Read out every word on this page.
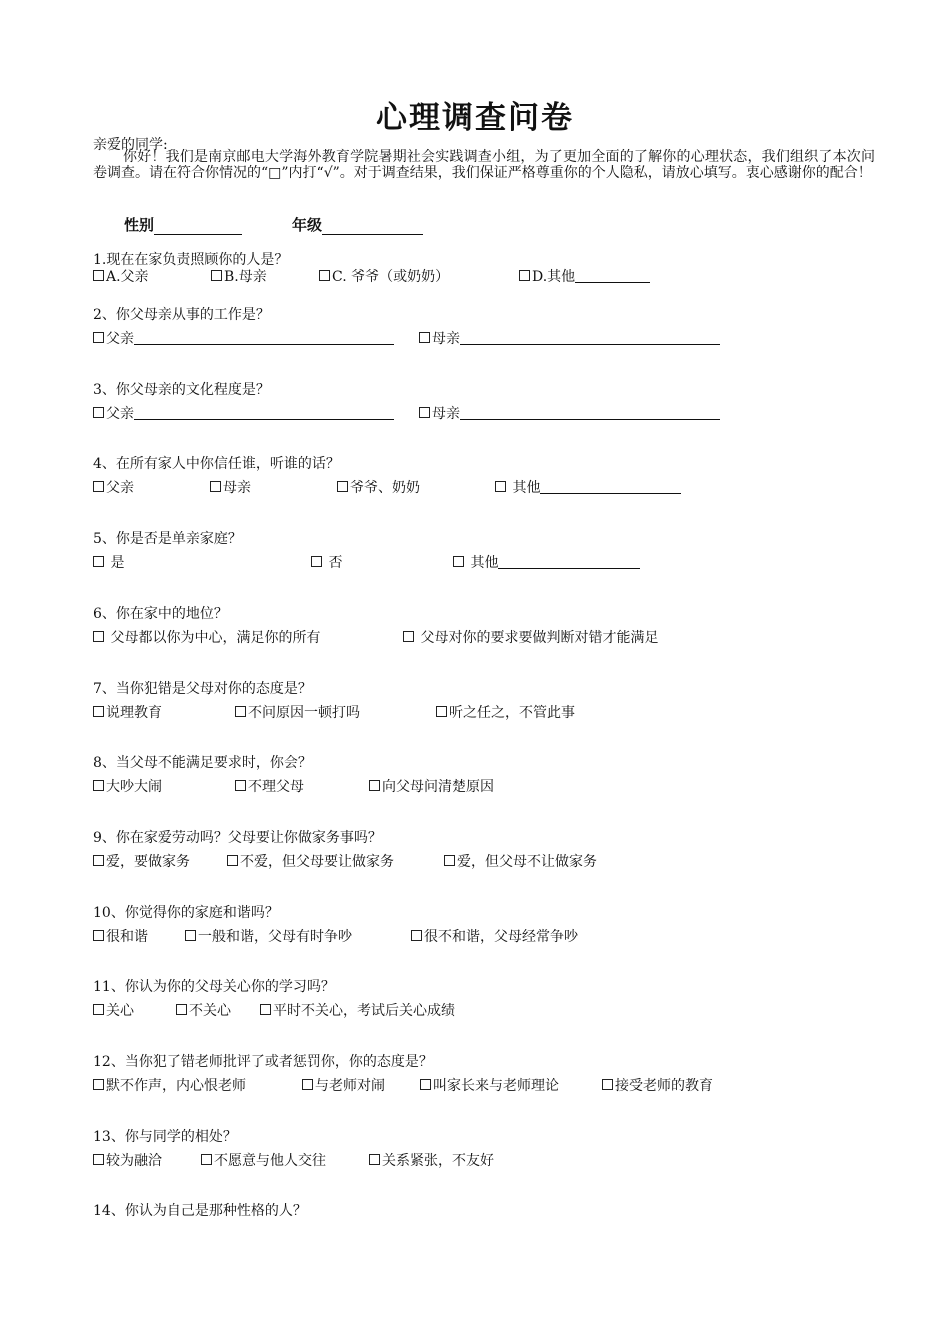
心理调查问卷
亲爱的同学:
你好！我们是南京邮电大学海外教育学院暑期社会实践调查小组，为了更加全面的了解你的心理状态，我们组织了本次问卷调查。请在符合你情况的“□”内打“√”。对于调查结果，我们保证严格尊重你的个人隐私，请放心填写。衷心感谢你的配合！
性别	年级
1.现在在家负责照顾你的人是？
A.父亲	B.母亲	C. 爷爷（或奶奶）	D.其他
2、你父母亲从事的工作是？
父亲	母亲
3、你父母亲的文化程度是？
父亲	母亲
4、在所有家人中你信任谁，听谁的话？
父亲	母亲	爷爷、奶奶	其他
5、你是否是单亲家庭？
是	否	其他
6、你在家中的地位？
父母都以你为中心，满足你的所有	父母对你的要求要做判断对错才能满足
7、当你犯错是父母对你的态度是？
说理教育	不问原因一顿打吗	听之任之，不管此事
8、当父母不能满足要求时，你会？
大吵大闹	不理父母	向父母问清楚原因
9、你在家爱劳动吗？父母要让你做家务事吗？
爱，要做家务	不爱，但父母要让做家务	爱，但父母不让做家务
10、你觉得你的家庭和谐吗？
很和谐	一般和谐，父母有时争吵	很不和谐，父母经常争吵
11、你认为你的父母关心你的学习吗？
关心	不关心	平时不关心，考试后关心成绩
12、当你犯了错老师批评了或者惩罚你，你的态度是？
默不作声，内心恨老师	与老师对闹	叫家长来与老师理论	接受老师的教育
13、你与同学的相处？
较为融洽	不愿意与他人交往	关系紧张，不友好
14、你认为自己是那种性格的人？
